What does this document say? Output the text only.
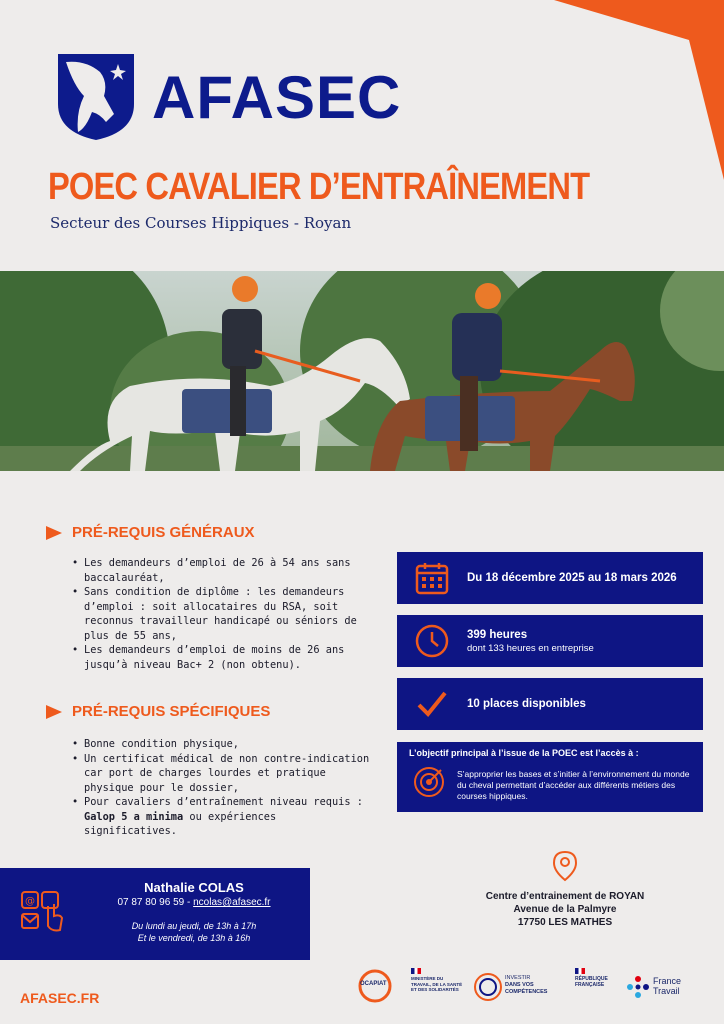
AFASEC
POEC CAVALIER D’ENTRAÎNEMENT
Secteur des Courses Hippiques - Royan
PRÉ-REQUIS GÉNÉRAUX
• Les demandeurs d’emploi de 26 à 54 ans sans baccalauréat,
• Sans condition de diplôme : les demandeurs d’emploi : soit allocataires du RSA, soit reconnus travailleur handicapé ou séniors de plus de 55 ans,
• Les demandeurs d’emploi de moins de 26 ans jusqu’à niveau Bac+ 2 (non obtenu).
PRÉ-REQUIS SPÉCIFIQUES
• Bonne condition physique,
• Un certificat médical de non contre-indication car port de charges lourdes et pratique physique pour le dossier,
• Pour cavaliers d’entraînement niveau requis : Galop 5 a minima ou expériences significatives.
Du 18 décembre 2025 au 18 mars 2026
399 heures
dont 133 heures en entreprise
10 places disponibles
L’objectif principal à l’issue de la POEC est l’accès à :
S’approprier les bases et s’initier à l’environnement du monde du cheval permettant d’accéder aux différents métiers des courses hippiques.
Centre d’entrainement de ROYAN
Avenue de la Palmyre
17750 LES MATHES
@
Nathalie COLAS
07 87 80 96 59 - ncolas@afasec.fr
Du lundi au jeudi, de 13h à 17h
Et le vendredi, de 13h à 16h
AFASEC.FR
OCAPIAT
MINISTÈRE DU TRAVAIL, DE LA SANTÉ ET DES SOLIDARITÉS
INVESTIR
DANS VOS
COMPÉTENCES
RÉPUBLIQUE FRANÇAISE	France
Travail
